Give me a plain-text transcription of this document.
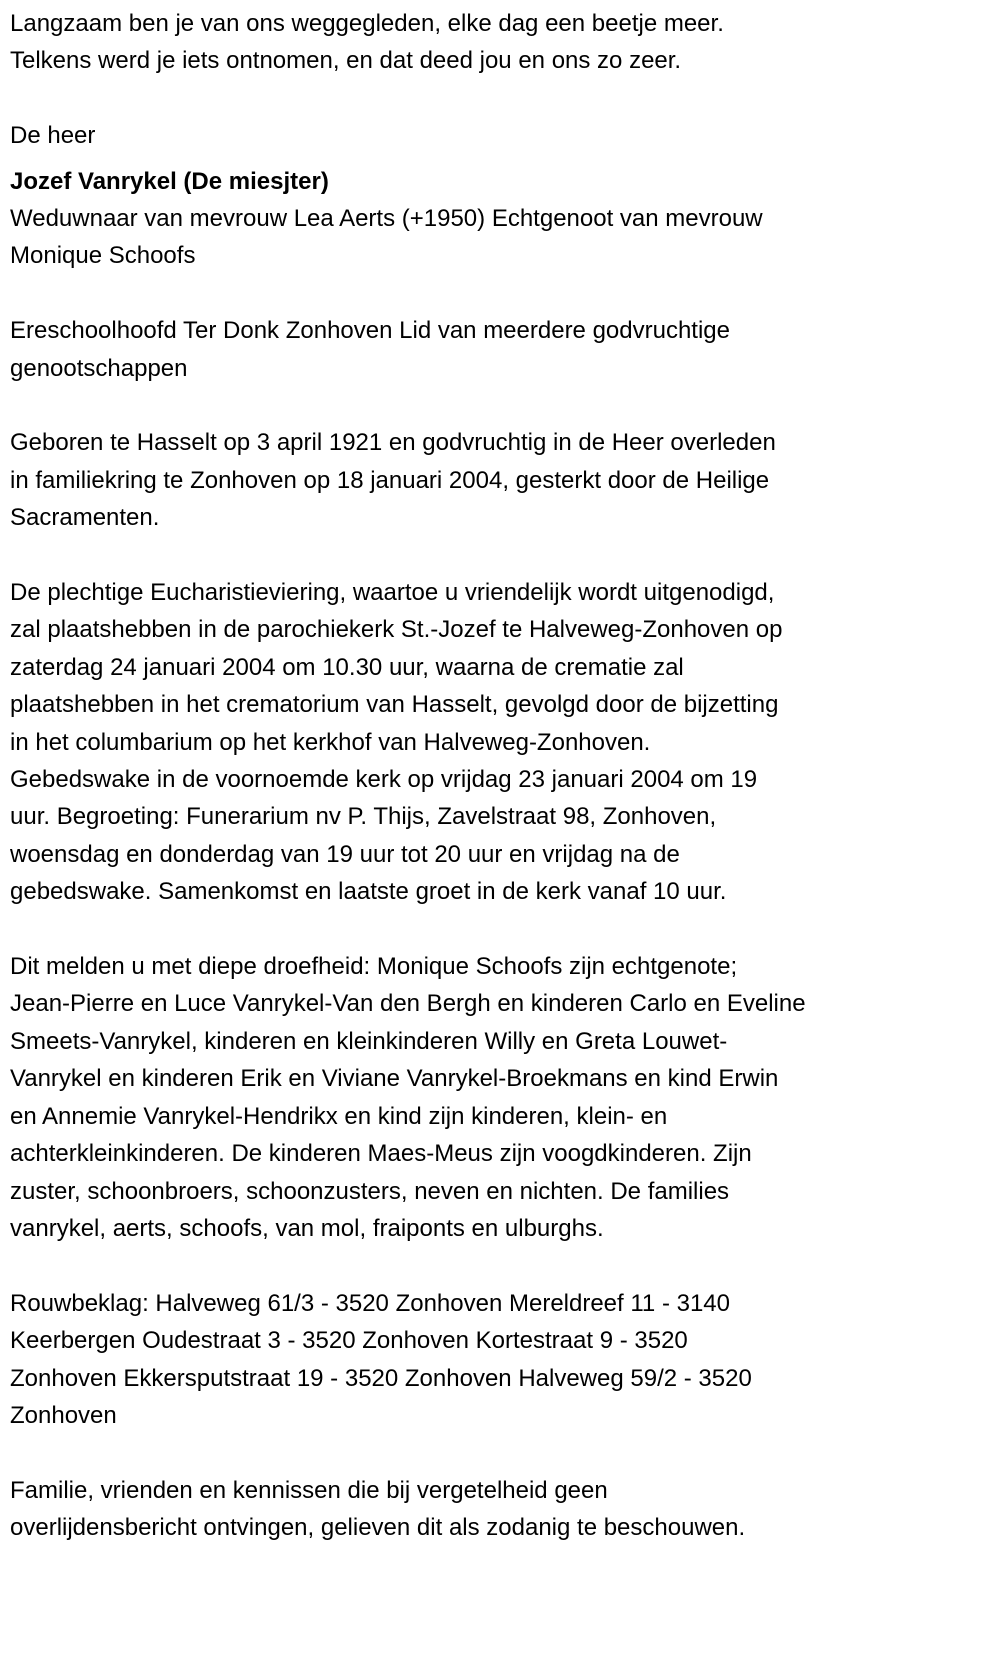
Langzaam ben je van ons weggegleden, elke dag een beetje meer.
Telkens werd je iets ontnomen, en dat deed jou en ons zo zeer.

De heer

Jozef Vanrykel (De miesjter)

Weduwnaar van mevrouw Lea Aerts (+1950) Echtgenoot van mevrouw
Monique Schoofs

Ereschoolhoofd Ter Donk Zonhoven Lid van meerdere godvruchtige
genootschappen

Geboren te Hasselt op 3 april 1921 en godvruchtig in de Heer overleden
in familiekring te Zonhoven op 18 januari 2004, gesterkt door de Heilige
Sacramenten.

De plechtige Eucharistieviering, waartoe u vriendelijk wordt uitgenodigd,
zal plaatshebben in de parochiekerk St.-Jozef te Halveweg-Zonhoven op
zaterdag 24 januari 2004 om 10.30 uur, waarna de crematie zal
plaatshebben in het crematorium van Hasselt, gevolgd door de bijzetting
in het columbarium op het kerkhof van Halveweg-Zonhoven.
Gebedswake in de voornoemde kerk op vrijdag 23 januari 2004 om 19
uur. Begroeting: Funerarium nv P. Thijs, Zavelstraat 98, Zonhoven,
woensdag en donderdag van 19 uur tot 20 uur en vrijdag na de
gebedswake. Samenkomst en laatste groet in de kerk vanaf 10 uur.

Dit melden u met diepe droefheid: Monique Schoofs zijn echtgenote;
Jean-Pierre en Luce Vanrykel-Van den Bergh en kinderen Carlo en Eveline
Smeets-Vanrykel, kinderen en kleinkinderen Willy en Greta Louwet-
Vanrykel en kinderen Erik en Viviane Vanrykel-Broekmans en kind Erwin
en Annemie Vanrykel-Hendrikx en kind zijn kinderen, klein- en
achterkleinkinderen. De kinderen Maes-Meus zijn voogdkinderen. Zijn
zuster, schoonbroers, schoonzusters, neven en nichten. De families
vanrykel, aerts, schoofs, van mol, fraiponts en ulburghs.

Rouwbeklag: Halveweg 61/3 - 3520 Zonhoven Mereldreef 11 - 3140
Keerbergen Oudestraat 3 - 3520 Zonhoven Kortestraat 9 - 3520
Zonhoven Ekkersputstraat 19 - 3520 Zonhoven Halveweg 59/2 - 3520
Zonhoven

Familie, vrienden en kennissen die bij vergetelheid geen
overlijdensbericht ontvingen, gelieven dit als zodanig te beschouwen.
